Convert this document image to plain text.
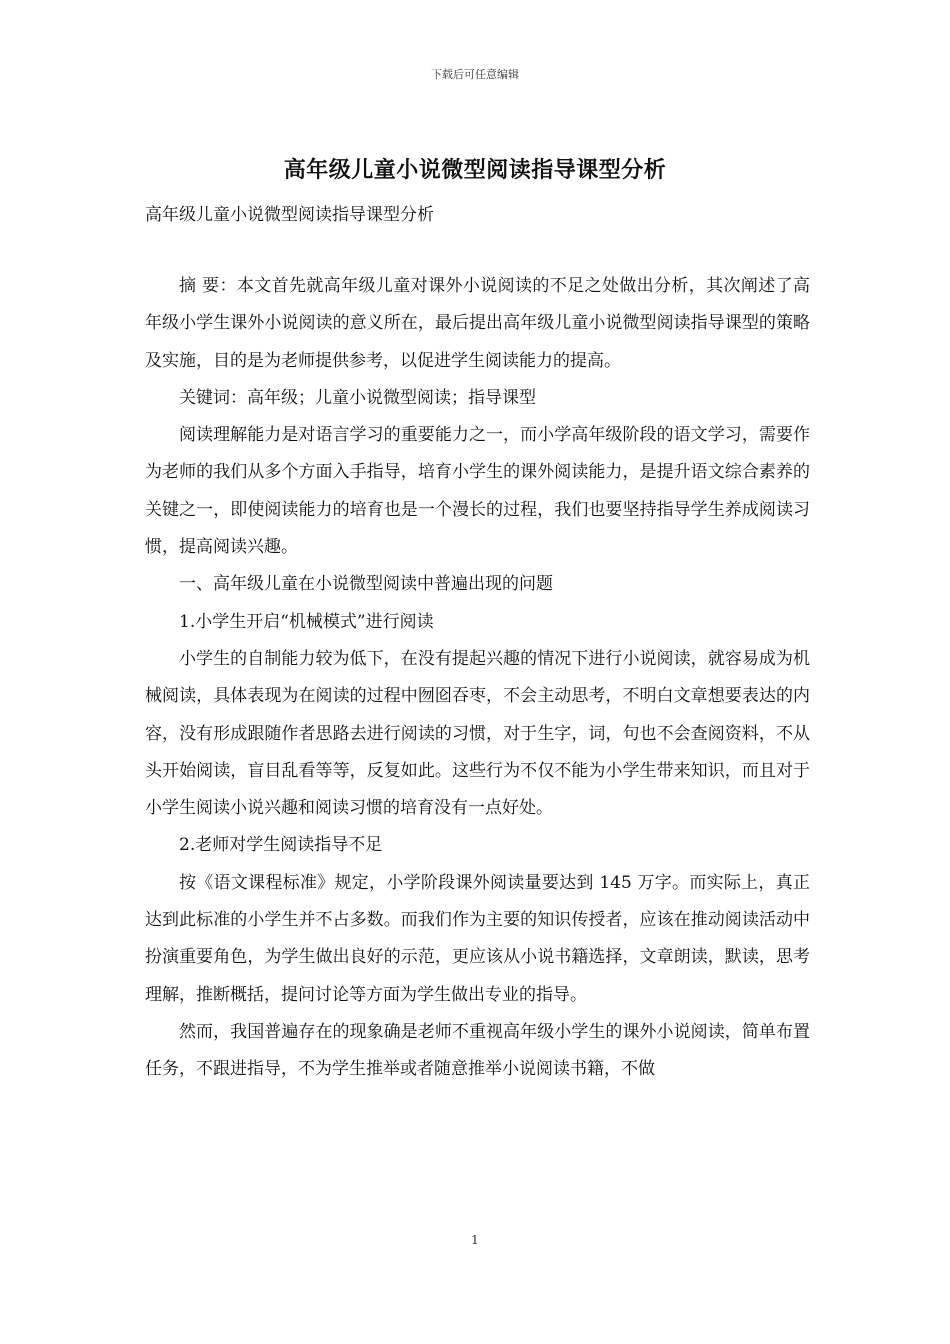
下载后可任意编辑
高年级儿童小说微型阅读指导课型分析
高年级儿童小说微型阅读指导课型分析

摘 要：本文首先就高年级儿童对课外小说阅读的不足之处做出分析，其次阐述了高年级小学生课外小说阅读的意义所在，最后提出高年级儿童小说微型阅读指导课型的策略及实施，目的是为老师提供参考，以促进学生阅读能力的提高。

关键词：高年级；儿童小说微型阅读；指导课型

阅读理解能力是对语言学习的重要能力之一，而小学高年级阶段的语文学习，需要作为老师的我们从多个方面入手指导，培育小学生的课外阅读能力，是提升语文综合素养的关键之一，即使阅读能力的培育也是一个漫长的过程，我们也要坚持指导学生养成阅读习惯，提高阅读兴趣。

一、高年级儿童在小说微型阅读中普遍出现的问题

1.小学生开启“机械模式”进行阅读

小学生的自制能力较为低下，在没有提起兴趣的情况下进行小说阅读，就容易成为机械阅读，具体表现为在阅读的过程中囫囵吞枣，不会主动思考，不明白文章想要表达的内容，没有形成跟随作者思路去进行阅读的习惯，对于生字，词，句也不会查阅资料，不从头开始阅读，盲目乱看等等，反复如此。这些行为不仅不能为小学生带来知识，而且对于小学生阅读小说兴趣和阅读习惯的培育没有一点好处。

2.老师对学生阅读指导不足

按《语文课程标准》规定，小学阶段课外阅读量要达到 145 万字。而实际上，真正达到此标准的小学生并不占多数。而我们作为主要的知识传授者，应该在推动阅读活动中扮演重要角色，为学生做出良好的示范，更应该从小说书籍选择，文章朗读，默读，思考理解，推断概括，提问讨论等方面为学生做出专业的指导。

然而，我国普遍存在的现象确是老师不重视高年级小学生的课外小说阅读，简单布置任务，不跟进指导，不为学生推举或者随意推举小说阅读书籍，不做

1
